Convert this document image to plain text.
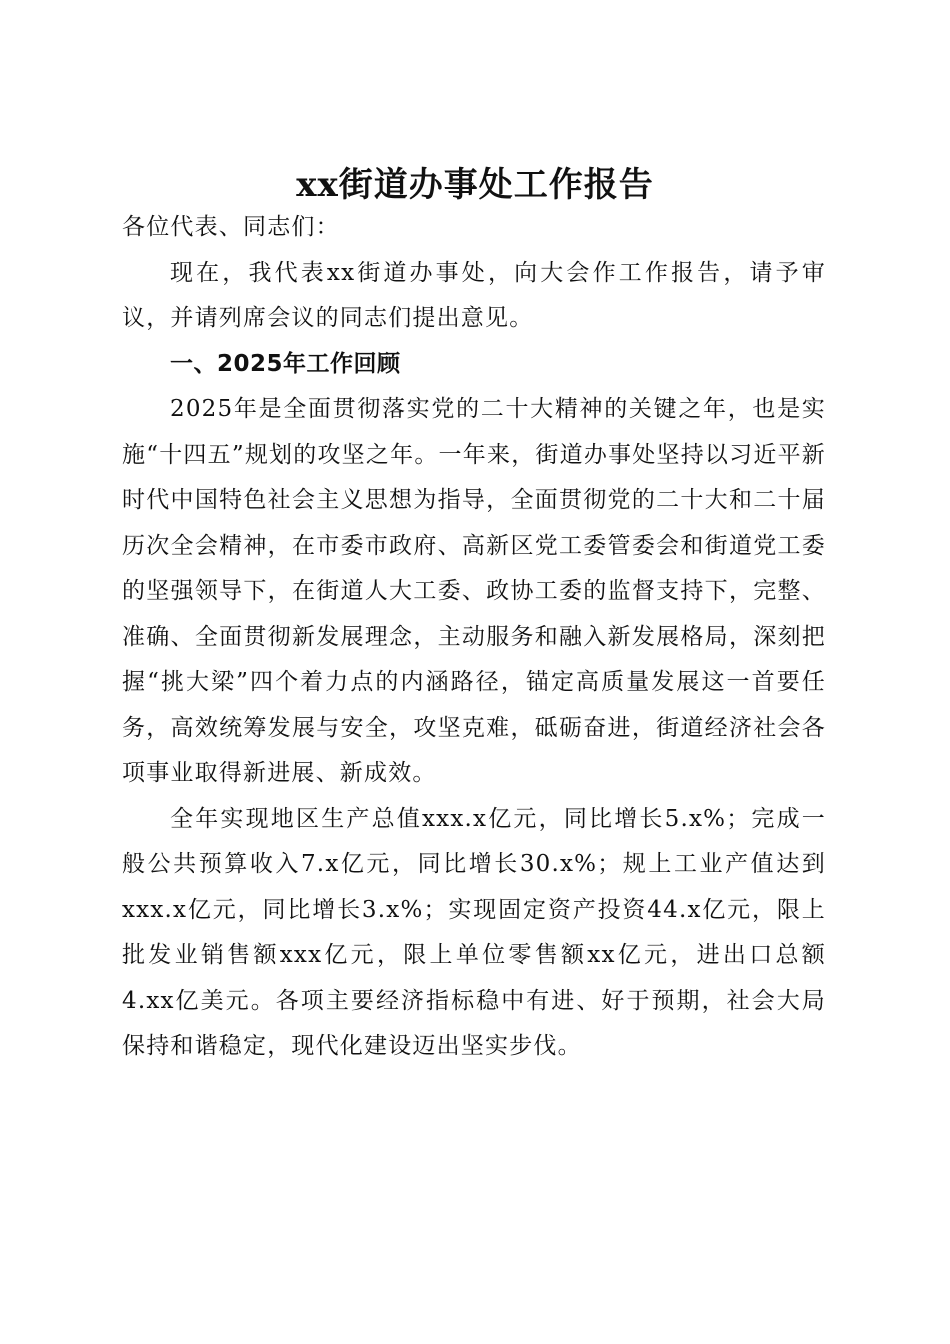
xx街道办事处工作报告

各位代表、同志们：

现在，我代表xx街道办事处，向大会作工作报告，请予审议，并请列席会议的同志们提出意见。

一、2025年工作回顾

2025年是全面贯彻落实党的二十大精神的关键之年，也是实施“十四五”规划的攻坚之年。一年来，街道办事处坚持以习近平新时代中国特色社会主义思想为指导，全面贯彻党的二十大和二十届历次全会精神，在市委市政府、高新区党工委管委会和街道党工委的坚强领导下，在街道人大工委、政协工委的监督支持下，完整、准确、全面贯彻新发展理念，主动服务和融入新发展格局，深刻把握“挑大梁”四个着力点的内涵路径，锚定高质量发展这一首要任务，高效统筹发展与安全，攻坚克难，砥砺奋进，街道经济社会各项事业取得新进展、新成效。

全年实现地区生产总值xxx.x亿元，同比增长5.x%；完成一般公共预算收入7.x亿元，同比增长30.x%；规上工业产值达到xxx.x亿元，同比增长3.x%；实现固定资产投资44.x亿元，限上批发业销售额xxx亿元，限上单位零售额xx亿元，进出口总额4.xx亿美元。各项主要经济指标稳中有进、好于预期，社会大局保持和谐稳定，现代化建设迈出坚实步伐。
